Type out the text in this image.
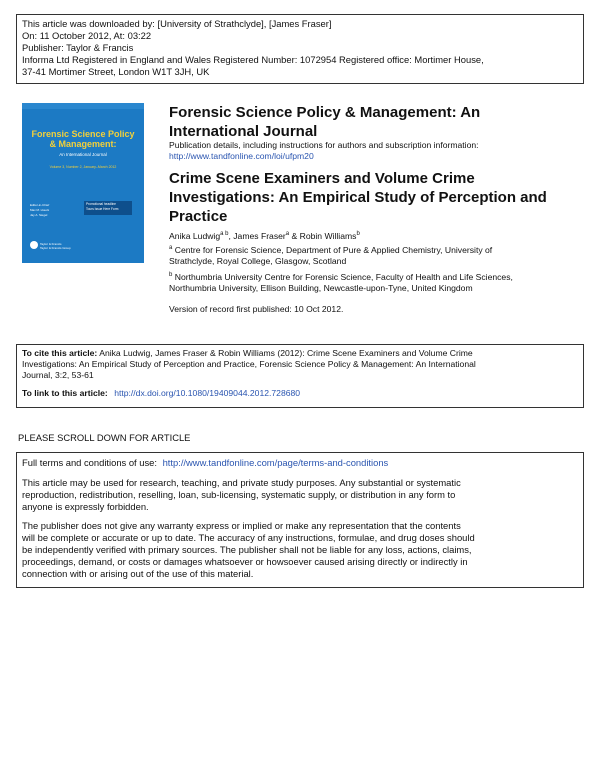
This article was downloaded by: [University of Strathclyde], [James Fraser]
On: 11 October 2012, At: 03:22
Publisher: Taylor & Francis
Informa Ltd Registered in England and Wales Registered Number: 1072954 Registered office: Mortimer House,
37-41 Mortimer Street, London W1T 3JH, UK
Forensic Science Policy & Management:
An International Journal
Volume 3, Number 2, January–March 2012
Editor-in-Chief
Max M. Houck
Jay A. Siegel
Promotional headline
Tours Issue Here Form
Taylor & Francis
Taylor & Francis Group
Forensic Science Policy & Management: An
International Journal
Publication details, including instructions for authors and subscription information:
http://www.tandfonline.com/loi/ufpm20
Crime Scene Examiners and Volume Crime
Investigations: An Empirical Study of Perception and
Practice
Anika Ludwig$^{a b}$, James Fraser$^a$ & Robin Williams$^b$
$^a$ Centre for Forensic Science, Department of Pure & Applied Chemistry, University of
Strathclyde, Royal College, Glasgow, Scotland
$^b$ Northumbria University Centre for Forensic Science, Faculty of Health and Life Sciences,
Northumbria University, Ellison Building, Newcastle-upon-Tyne, United Kingdom
Version of record first published: 10 Oct 2012.
To cite this article: Anika Ludwig, James Fraser & Robin Williams (2012): Crime Scene Examiners and Volume Crime
Investigations: An Empirical Study of Perception and Practice, Forensic Science Policy & Management: An International
Journal, 3:2, 53-61
To link to this article: http://dx.doi.org/10.1080/19409044.2012.728680
PLEASE SCROLL DOWN FOR ARTICLE
Full terms and conditions of use: http://www.tandfonline.com/page/terms-and-conditions
This article may be used for research, teaching, and private study purposes. Any substantial or systematic
reproduction, redistribution, reselling, loan, sub-licensing, systematic supply, or distribution in any form to
anyone is expressly forbidden.
The publisher does not give any warranty express or implied or make any representation that the contents
will be complete or accurate or up to date. The accuracy of any instructions, formulae, and drug doses should
be independently verified with primary sources. The publisher shall not be liable for any loss, actions, claims,
proceedings, demand, or costs or damages whatsoever or howsoever caused arising directly or indirectly in
connection with or arising out of the use of this material.
